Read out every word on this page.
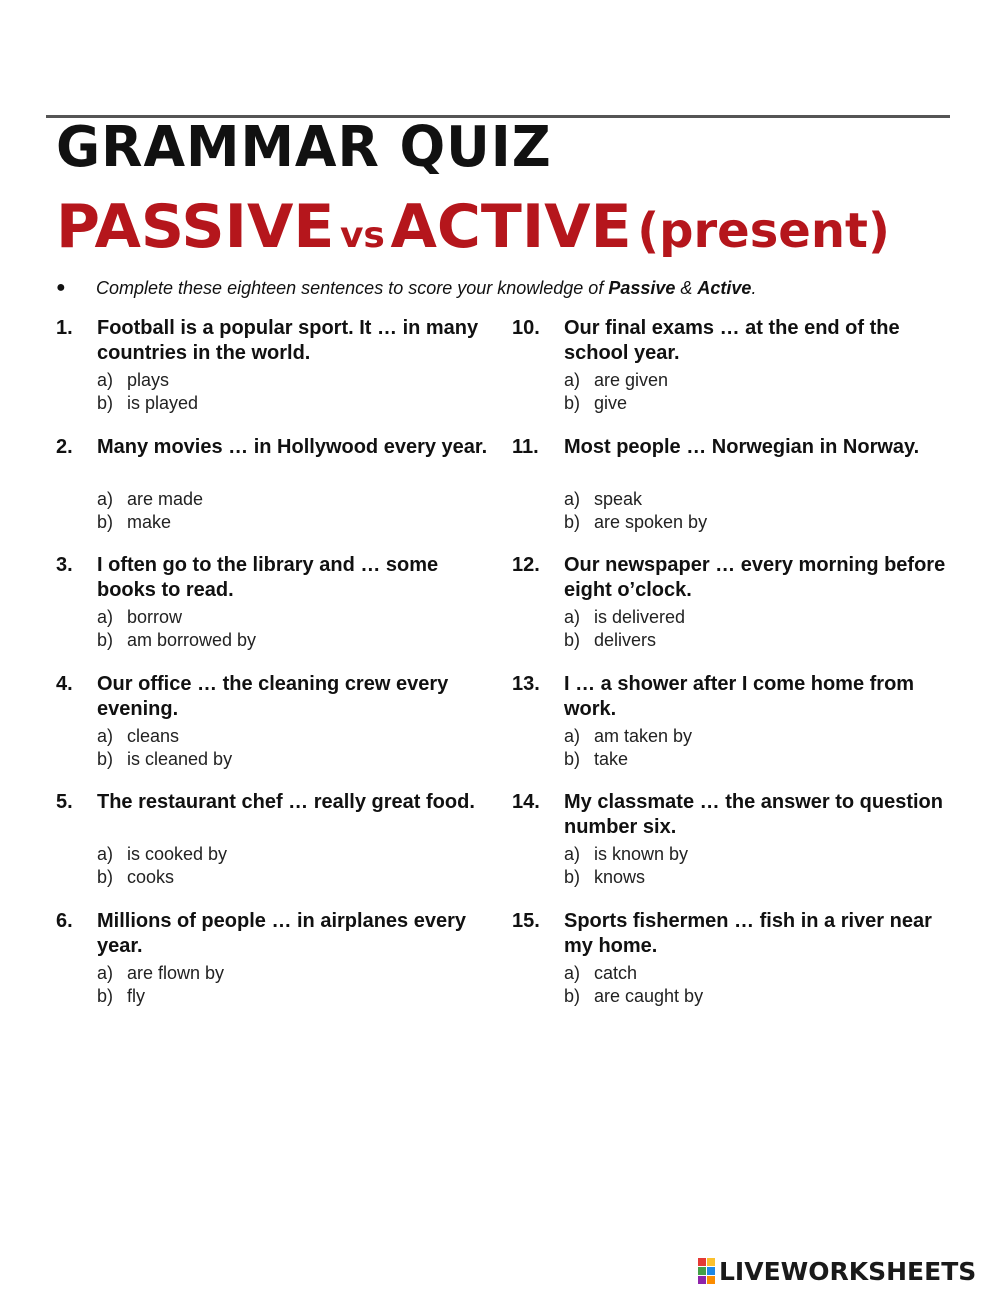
GRAMMAR QUIZ
PASSIVE vs ACTIVE (present)
● Complete these eighteen sentences to score your knowledge of Passive & Active.
1. Football is a popular sport. It … in many countries in the world.
a) plays
b) is played
2. Many movies … in Hollywood every year.
a) are made
b) make
3. I often go to the library and … some books to read.
a) borrow
b) am borrowed by
4. Our office … the cleaning crew every evening.
a) cleans
b) is cleaned by
5. The restaurant chef … really great food.
a) is cooked by
b) cooks
6. Millions of people … in airplanes every year.
a) are flown by
b) fly
10. Our final exams … at the end of the school year.
a) are given
b) give
11. Most people … Norwegian in Norway.
a) speak
b) are spoken by
12. Our newspaper … every morning before eight o’clock.
a) is delivered
b) delivers
13. I … a shower after I come home from work.
a) am taken by
b) take
14. My classmate … the answer to question number six.
a) is known by
b) knows
15. Sports fishermen … fish in a river near my home.
a) catch
b) are caught by
LIVEWORKSHEETS
